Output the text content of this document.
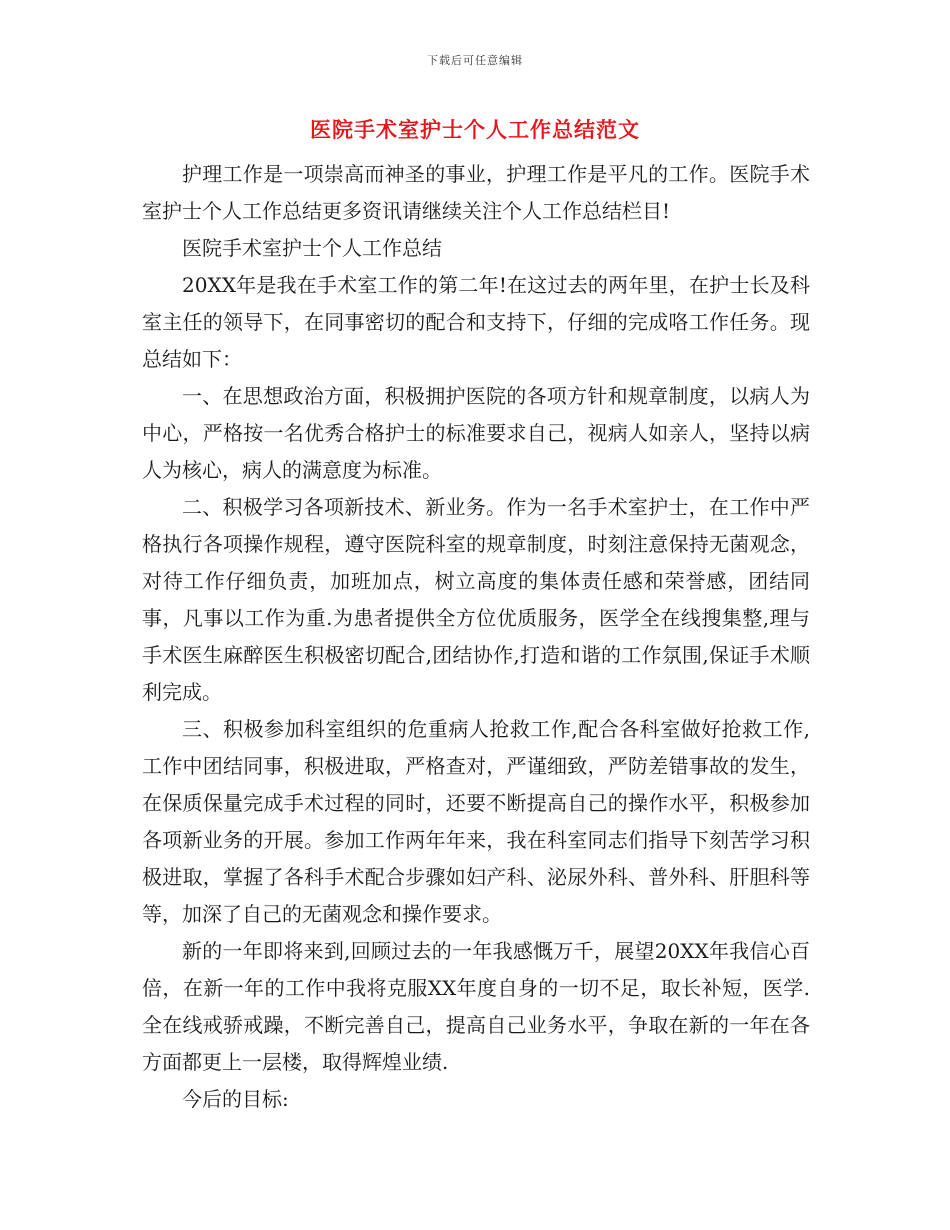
下载后可任意编辑
医院手术室护士个人工作总结范文

护理工作是一项崇高而神圣的事业，护理工作是平凡的工作。医院手术室护士个人工作总结更多资讯请继续关注个人工作总结栏目!

医院手术室护士个人工作总结

20XX年是我在手术室工作的第二年!在这过去的两年里，在护士长及科室主任的领导下，在同事密切的配合和支持下，仔细的完成咯工作任务。现总结如下：

一、在思想政治方面，积极拥护医院的各项方针和规章制度，以病人为中心，严格按一名优秀合格护士的标准要求自己，视病人如亲人，坚持以病人为核心，病人的满意度为标准。

二、积极学习各项新技术、新业务。作为一名手术室护士，在工作中严格执行各项操作规程，遵守医院科室的规章制度，时刻注意保持无菌观念，对待工作仔细负责，加班加点，树立高度的集体责任感和荣誉感，团结同事，凡事以工作为重.为患者提供全方位优质服务，医学全在线搜集整,理与手术医生麻醉医生积极密切配合,团结协作,打造和谐的工作氛围,保证手术顺利完成。

三、积极参加科室组织的危重病人抢救工作,配合各科室做好抢救工作,工作中团结同事，积极进取，严格查对，严谨细致，严防差错事故的发生，在保质保量完成手术过程的同时，还要不断提高自己的操作水平，积极参加各项新业务的开展。参加工作两年年来，我在科室同志们指导下刻苦学习积极进取，掌握了各科手术配合步骤如妇产科、泌尿外科、普外科、肝胆科等等，加深了自己的无菌观念和操作要求。

新的一年即将来到,回顾过去的一年我感慨万千，展望20XX年我信心百倍，在新一年的工作中我将克服XX年度自身的一切不足，取长补短，医学.全在线戒骄戒躁，不断完善自己，提高自己业务水平，争取在新的一年在各方面都更上一层楼，取得辉煌业绩.

今后的目标:
